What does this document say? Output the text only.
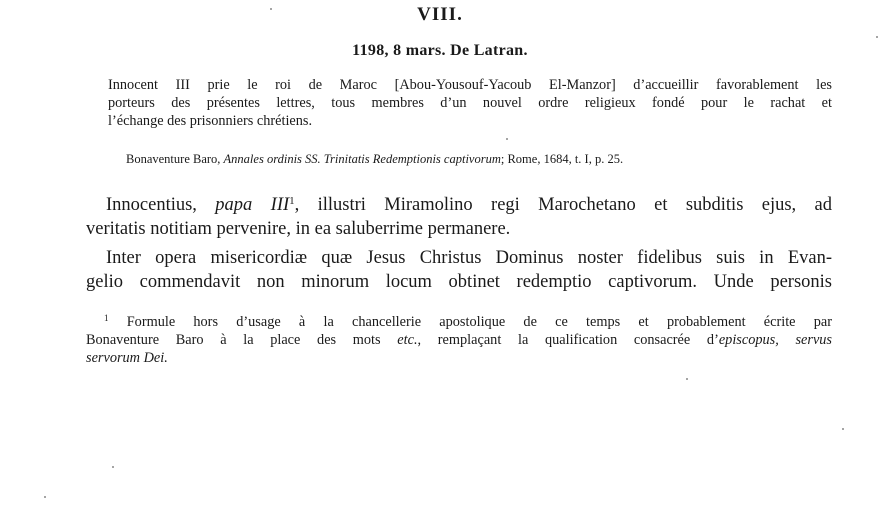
VIII.
1198, 8 mars. De Latran.
Innocent III prie le roi de Maroc [Abou-Yousouf-Yacoub El-Manzor] d’accueillir favorablement les
porteurs des présentes lettres, tous membres d’un nouvel ordre religieux fondé pour le rachat et
l’échange des prisonniers chrétiens.
Bonaventure Baro, Annales ordinis SS. Trinitatis Redemptionis captivorum; Rome, 1684, t. I, p. 25.
Innocentius, papa III$^1$, illustri Miramolino regi Marochetano et subditis ejus, ad
veritatis notitiam pervenire, in ea saluberrime permanere.
Inter opera misericordiæ quæ Jesus Christus Dominus noster fidelibus suis in Evan-
gelio commendavit non minorum locum obtinet redemptio captivorum. Unde personis
$^1$ Formule hors d’usage à la chancellerie apostolique de ce temps et probablement écrite par
Bonaventure Baro à la place des mots etc., remplaçant la qualification consacrée d’episcopus, servus
servorum Dei.
